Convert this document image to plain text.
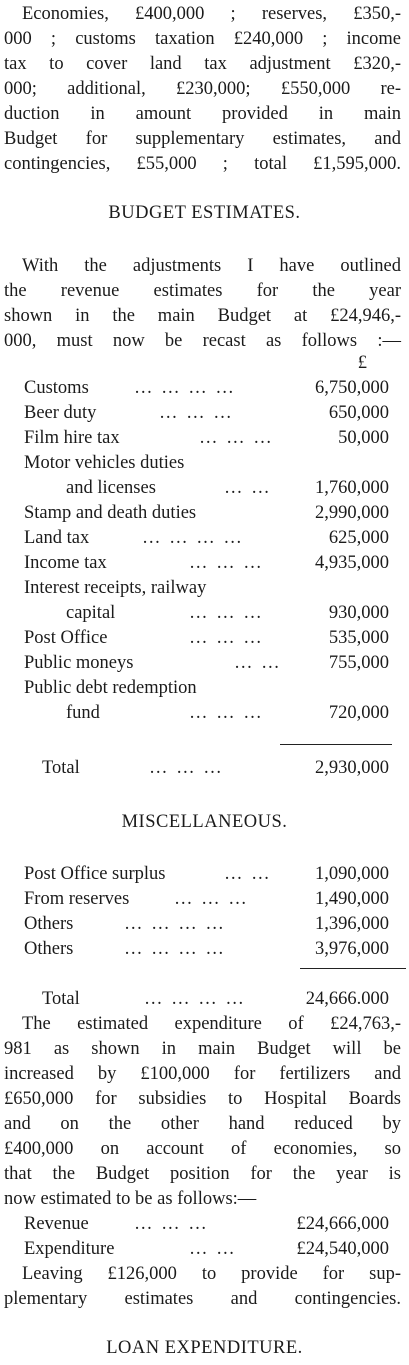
Economies, £400,000 ; reserves, £350,-
000 ; customs taxation £240,000 ; income
tax to cover land tax adjustment £320,-
000; additional, £230,000; £550,000 re-
duction in amount provided in main
Budget for supplementary estimates, and
contingencies, £55,000 ; total £1,595,000.
BUDGET ESTIMATES.
With the adjustments I have outlined
the revenue estimates for the year
shown in the main Budget at £24,946,-
000, must now be recast as follows :—
£
Customs … … … …	6,750,000
Beer duty	… … …	650,000
Film hire tax	… … …	50,000
Motor vehicles duties
and licenses	… … 1,760,000
Stamp and death duties	2,990,000
Land tax	… … … …	625,000
Income tax	… … …	4,935,000
Interest receipts, railway
capital	… … …	930,000
Post Office	… … …	535,000
Public moneys	… …	755,000
Public debt redemption
fund	… … …	720,000
Total	… … …	2,930,000
MISCELLANEOUS.
Post Office surplus	… … 1,090,000
From reserves … … …	1,490,000
Others	… … … …	1,396,000
Others	… … … …	3,976,000
Total	… … … …	24,666.000
The estimated expenditure of £24,763,-
981 as shown in main Budget will be
increased by £100,000 for fertilizers and
£650,000 for subsidies to Hospital Boards
and on the other hand reduced by
£400,000 on account of economies, so
that the Budget position for the year is
now estimated to be as follows:—
Revenue … … …	£24,666,000
Expenditure	… …	£24,540,000
Leaving £126,000 to provide for sup-
plementary estimates and contingencies.
LOAN EXPENDITURE.
